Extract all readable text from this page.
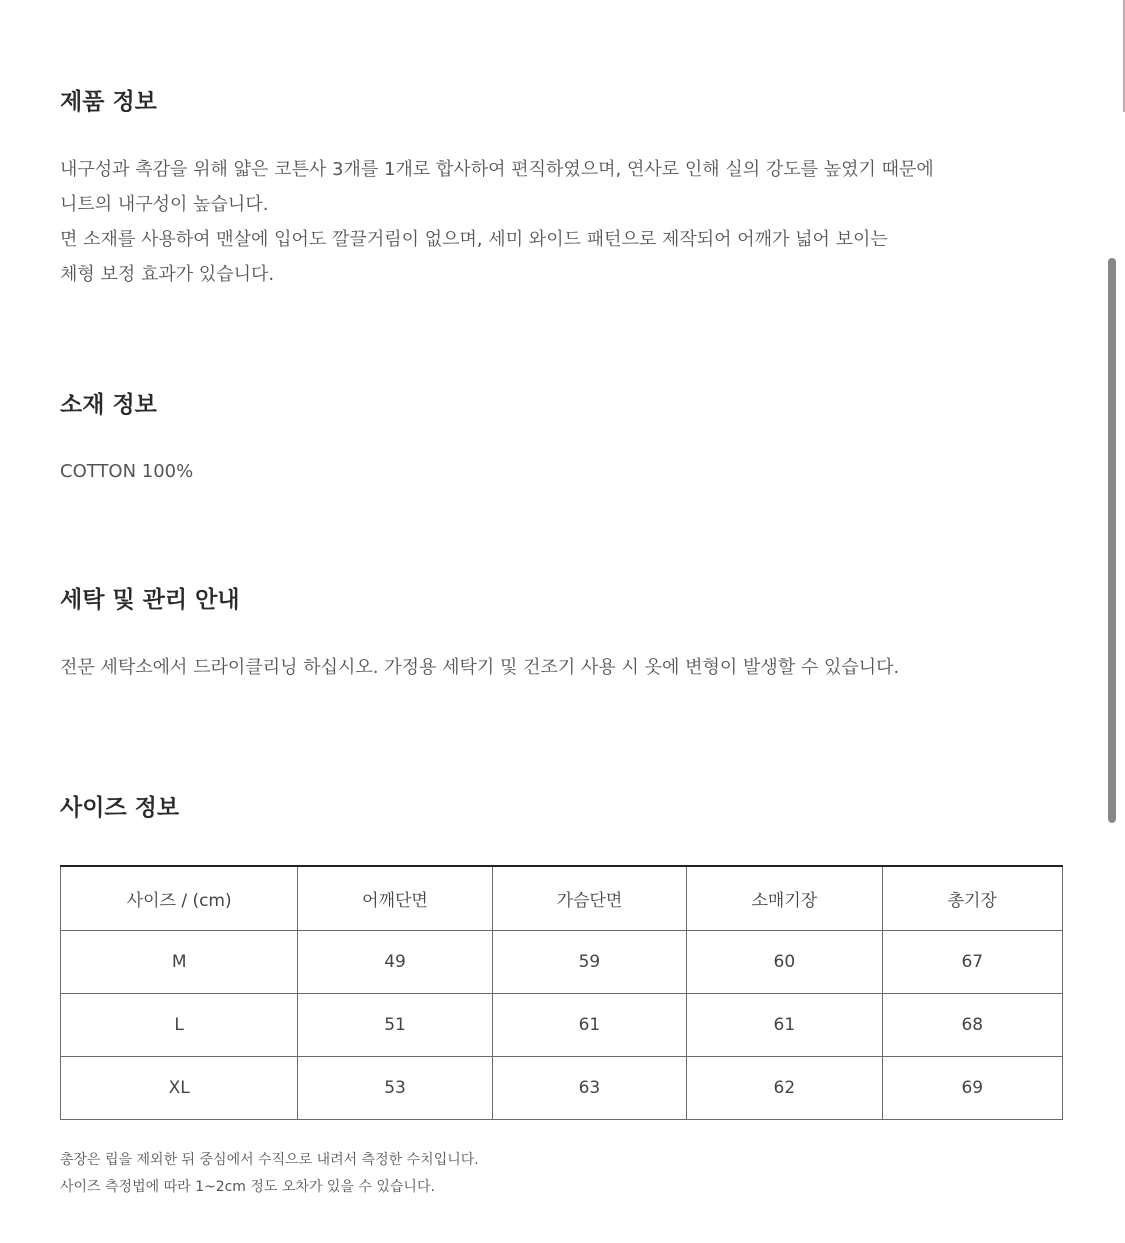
제품 정보
내구성과 촉감을 위해 얇은 코튼사 3개를 1개로 합사하여 편직하였으며, 연사로 인해 실의 강도를 높였기 때문에
니트의 내구성이 높습니다.
면 소재를 사용하여 맨살에 입어도 깔끌거림이 없으며, 세미 와이드 패턴으로 제작되어 어깨가 넓어 보이는
체형 보정 효과가 있습니다.
소재 정보
COTTON 100%
세탁 및 관리 안내
전문 세탁소에서 드라이클리닝 하십시오. 가정용 세탁기 및 건조기 사용 시 옷에 변형이 발생할 수 있습니다.
사이즈 정보
사이즈 / (cm)	어깨단면	가슴단면	소매기장	총기장
M	49	59	60	67
L	51	61	61	68
XL	53	63	62	69
총장은 립을 제외한 뒤 중심에서 수직으로 내려서 측정한 수치입니다.
사이즈 측정법에 따라 1~2cm 정도 오차가 있을 수 있습니다.
